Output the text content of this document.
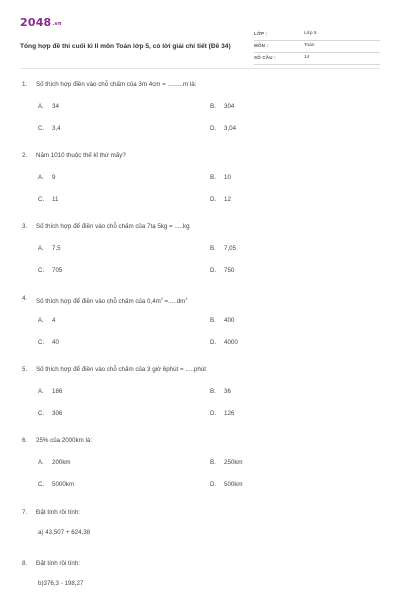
2048.vn
Tổng hợp đề thi cuối kì II môn Toán lớp 5, có lời giải chi tiết (Đề 34)
LỚP :	Lớp 5
MÔN :	Toán
SỐ CÂU :	14
1. Số thích hợp điền vào chỗ chấm của 3m 4cm = .........m là:
A. 34	B. 304
C. 3,4	D. 3,04
2. Năm 1010 thuộc thế kỉ thứ mấy?
A. 9	B. 10
C. 11	D. 12
3. Số thích hợp để điền vào chỗ chấm của 7tạ 5kg = .....kg
A. 7,5	B. 7,05
C. 705	D. 750
4. Số thích hợp để điền vào chỗ chấm của $0,4m^3 =.....dm^3$
A. 4	B. 400
C. 40	D. 4000
5. Số thích hợp để điền vào chỗ chấm của 3 giờ 6phút = .....phút
A. 186	B. 36
C. 306	D. 126
6. 25% của 2000km là:
A. 200km	B. 250km
C. 5000km	D. 500km
7. Đặt tính rồi tính:
a) 43,507 + 624,38
8. Đặt tính rồi tính:
b)376,3 - 198,27
